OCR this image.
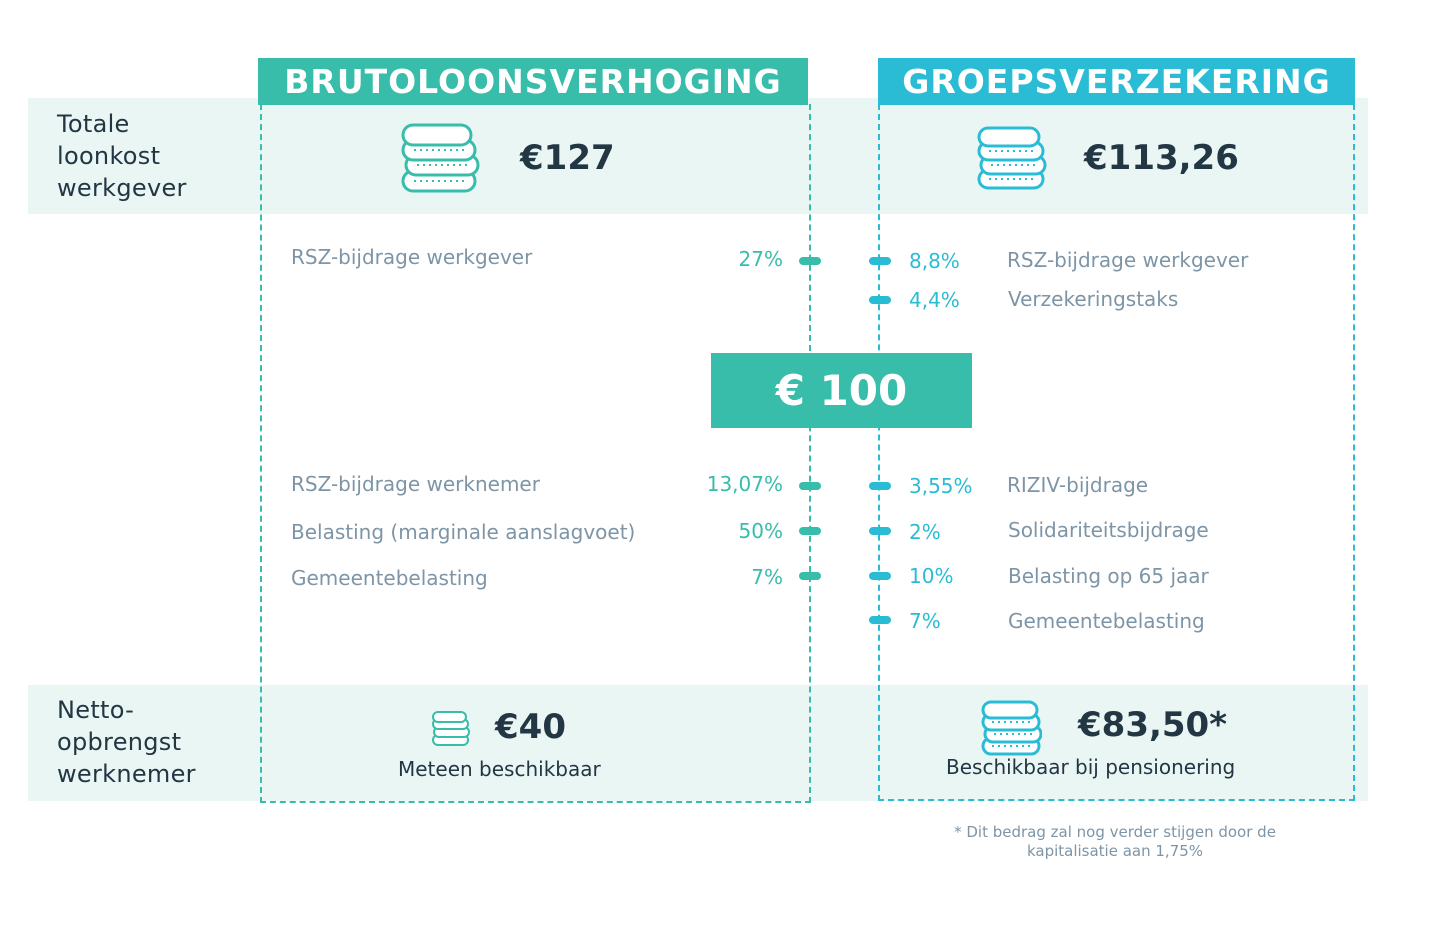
Totale
loonkost
werkgever
Netto-
opbrengst
werknemer
BRUTOLOONSVERHOGING	GROEPSVERZEKERING
€127	€113,26
RSZ-bijdrage werkgever	27%	8,8% RSZ-bijdrage werkgever
4,4% Verzekeringstaks
€ 100
RSZ-bijdrage werknemer	13,07%
Belasting (marginale aanslagvoet)	50%
Gemeentebelasting	7%
3,55% RIZIV-bijdrage
2%	Solidariteitsbijdrage
10%	Belasting op 65 jaar
7%	Gemeentebelasting
€40
Meteen beschikbaar
€83,50*
Beschikbaar bij pensionering
* Dit bedrag zal nog verder stijgen door de
kapitalisatie aan 1,75%
